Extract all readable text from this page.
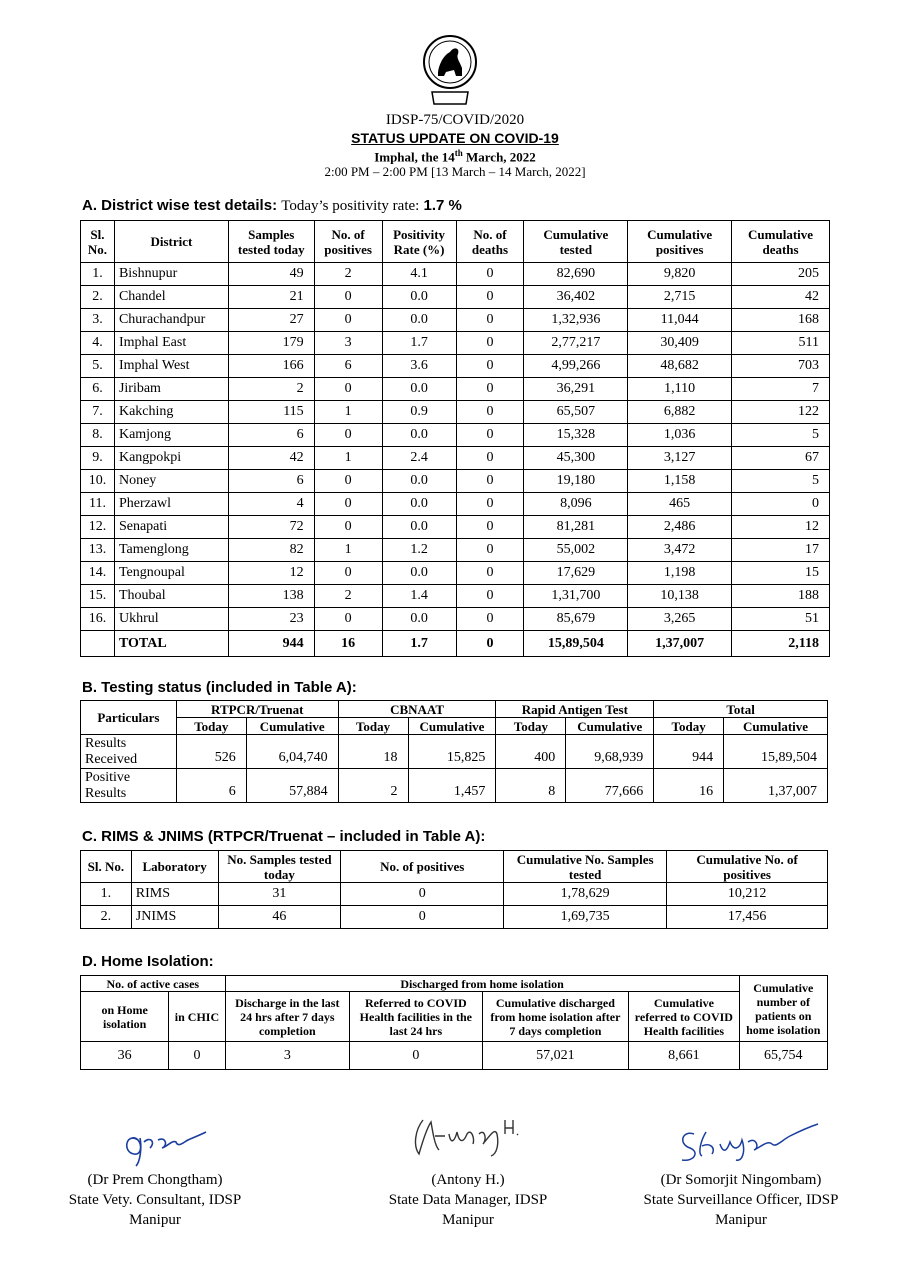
IDSP-75/COVID/2020
STATUS UPDATE ON COVID-19
Imphal, the 14th March, 2022
2:00 PM – 2:00 PM [13 March – 14 March, 2022]
A. District wise test details: Today’s positivity rate: 1.7 %
Sl. No.	District	Samples tested today	No. of positives	Positivity Rate (%)	No. of deaths	Cumulative tested	Cumulative positives	Cumulative deaths
1.	Bishnupur	49	2	4.1	0	82,690	9,820	205
2.	Chandel	21	0	0.0	0	36,402	2,715	42
3.	Churachandpur	27	0	0.0	0	1,32,936	11,044	168
4.	Imphal East	179	3	1.7	0	2,77,217	30,409	511
5.	Imphal West	166	6	3.6	0	4,99,266	48,682	703
6.	Jiribam	2	0	0.0	0	36,291	1,110	7
7.	Kakching	115	1	0.9	0	65,507	6,882	122
8.	Kamjong	6	0	0.0	0	15,328	1,036	5
9.	Kangpokpi	42	1	2.4	0	45,300	3,127	67
10.	Noney	6	0	0.0	0	19,180	1,158	5
11.	Pherzawl	4	0	0.0	0	8,096	465	0
12.	Senapati	72	0	0.0	0	81,281	2,486	12
13.	Tamenglong	82	1	1.2	0	55,002	3,472	17
14.	Tengnoupal	12	0	0.0	0	17,629	1,198	15
15.	Thoubal	138	2	1.4	0	1,31,700	10,138	188
16.	Ukhrul	23	0	0.0	0	85,679	3,265	51
	TOTAL	944	16	1.7	0	15,89,504	1,37,007	2,118
B. Testing status (included in Table A):
Particulars	RTPCR/Truenat		CBNAAT		Rapid Antigen Test		Total	
	Today	Cumulative	Today	Cumulative	Today	Cumulative	Today	Cumulative
Results Received	526	6,04,740	18	15,825	400	9,68,939	944	15,89,504
Positive Results	6	57,884	2	1,457	8	77,666	16	1,37,007
C. RIMS & JNIMS (RTPCR/Truenat – included in Table A):
Sl. No.	Laboratory	No. Samples tested today	No. of positives	Cumulative No. Samples tested	Cumulative No. of positives
1.	RIMS	31	0	1,78,629	10,212
2.	JNIMS	46	0	1,69,735	17,456
D. Home Isolation:
No. of active cases		Discharged from home isolation				Cumulative number of patients on home isolation
on Home isolation	in CHIC	Discharge in the last 24 hrs after 7 days completion	Referred to COVID Health facilities in the last 24 hrs	Cumulative discharged from home isolation after 7 days completion	Cumulative referred to COVID Health facilities	
36	0	3	0	57,021	8,661	65,754
(Dr Prem Chongtham)
State Vety. Consultant, IDSP
Manipur
(Antony H.)
State Data Manager, IDSP
Manipur
(Dr Somorjit Ningombam)
State Surveillance Officer, IDSP
Manipur
